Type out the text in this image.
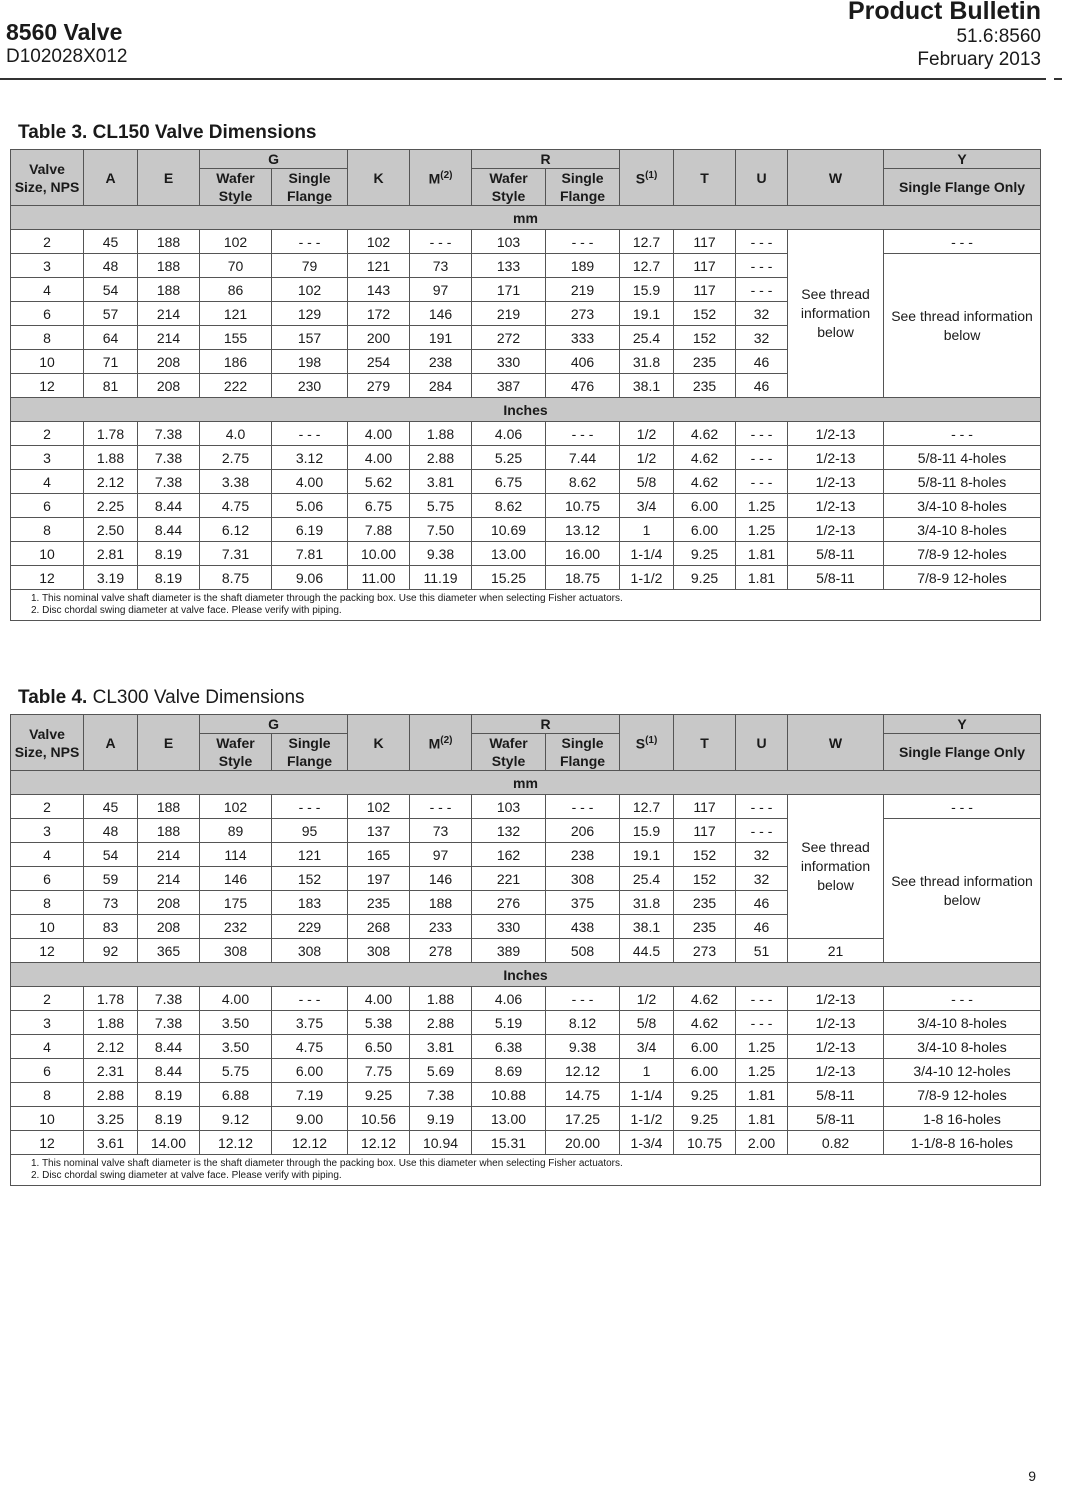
8560 Valve
D102028X012
Product Bulletin
51.6:8560
February 2013
Table 3. CL150 Valve Dimensions
Valve Size, NPS	A	E	G		K	$M^{(2)}$	R		$S^{(1)}$	T	U	W	Y
			Wafer Style	Single Flange			Wafer Style	Single Flange					Single Flange Only
mm													
2	45	188	102	- - -	102	- - -	103	- - -	12.7	117	- - -	See thread information below	- - -
3	48	188	70	79	121	73	133	189	12.7	117	- - -		See thread information below
4	54	188	86	102	143	97	171	219	15.9	117	- - -		
6	57	214	121	129	172	146	219	273	19.1	152	32		
8	64	214	155	157	200	191	272	333	25.4	152	32		
10	71	208	186	198	254	238	330	406	31.8	235	46		
12	81	208	222	230	279	284	387	476	38.1	235	46		
Inches													
2	1.78	7.38	4.0	- - -	4.00	1.88	4.06	- - -	1/2	4.62	- - -	1/2-13	- - -
3	1.88	7.38	2.75	3.12	4.00	2.88	5.25	7.44	1/2	4.62	- - -	1/2-13	5/8-11 4-holes
4	2.12	7.38	3.38	4.00	5.62	3.81	6.75	8.62	5/8	4.62	- - -	1/2-13	5/8-11 8-holes
6	2.25	8.44	4.75	5.06	6.75	5.75	8.62	10.75	3/4	6.00	1.25	1/2-13	3/4-10 8-holes
8	2.50	8.44	6.12	6.19	7.88	7.50	10.69	13.12	1	6.00	1.25	1/2-13	3/4-10 8-holes
10	2.81	8.19	7.31	7.81	10.00	9.38	13.00	16.00	1-1/4	9.25	1.81	5/8-11	7/8-9 12-holes
12	3.19	8.19	8.75	9.06	11.00	11.19	15.25	18.75	1-1/2	9.25	1.81	5/8-11	7/8-9 12-holes

1. This nominal valve shaft diameter is the shaft diameter through the packing box. Use this diameter when selecting Fisher actuators.
2. Disc chordal swing diameter at valve face. Please verify with piping.													
Table 4. CL300 Valve Dimensions
Valve Size, NPS	A	E	G		K	$M^{(2)}$	R		$S^{(1)}$	T	U	W	Y
			Wafer Style	Single Flange			Wafer Style	Single Flange					Single Flange Only
mm													
2	45	188	102	- - -	102	- - -	103	- - -	12.7	117	- - -	See thread information below	- - -
3	48	188	89	95	137	73	132	206	15.9	117	- - -		See thread information below
4	54	214	114	121	165	97	162	238	19.1	152	32		
6	59	214	146	152	197	146	221	308	25.4	152	32		
8	73	208	175	183	235	188	276	375	31.8	235	46		
10	83	208	232	229	268	233	330	438	38.1	235	46		
12	92	365	308	308	308	278	389	508	44.5	273	51	21	
Inches													
2	1.78	7.38	4.00	- - -	4.00	1.88	4.06	- - -	1/2	4.62	- - -	1/2-13	- - -
3	1.88	7.38	3.50	3.75	5.38	2.88	5.19	8.12	5/8	4.62	- - -	1/2-13	3/4-10 8-holes
4	2.12	8.44	3.50	4.75	6.50	3.81	6.38	9.38	3/4	6.00	1.25	1/2-13	3/4-10 8-holes
6	2.31	8.44	5.75	6.00	7.75	5.69	8.69	12.12	1	6.00	1.25	1/2-13	3/4-10 12-holes
8	2.88	8.19	6.88	7.19	9.25	7.38	10.88	14.75	1-1/4	9.25	1.81	5/8-11	7/8-9 12-holes
10	3.25	8.19	9.12	9.00	10.56	9.19	13.00	17.25	1-1/2	9.25	1.81	5/8-11	1-8 16-holes
12	3.61	14.00	12.12	12.12	12.12	10.94	15.31	20.00	1-3/4	10.75	2.00	0.82	1-1/8-8 16-holes

1. This nominal valve shaft diameter is the shaft diameter through the packing box. Use this diameter when selecting Fisher actuators.
2. Disc chordal swing diameter at valve face. Please verify with piping.													
9
